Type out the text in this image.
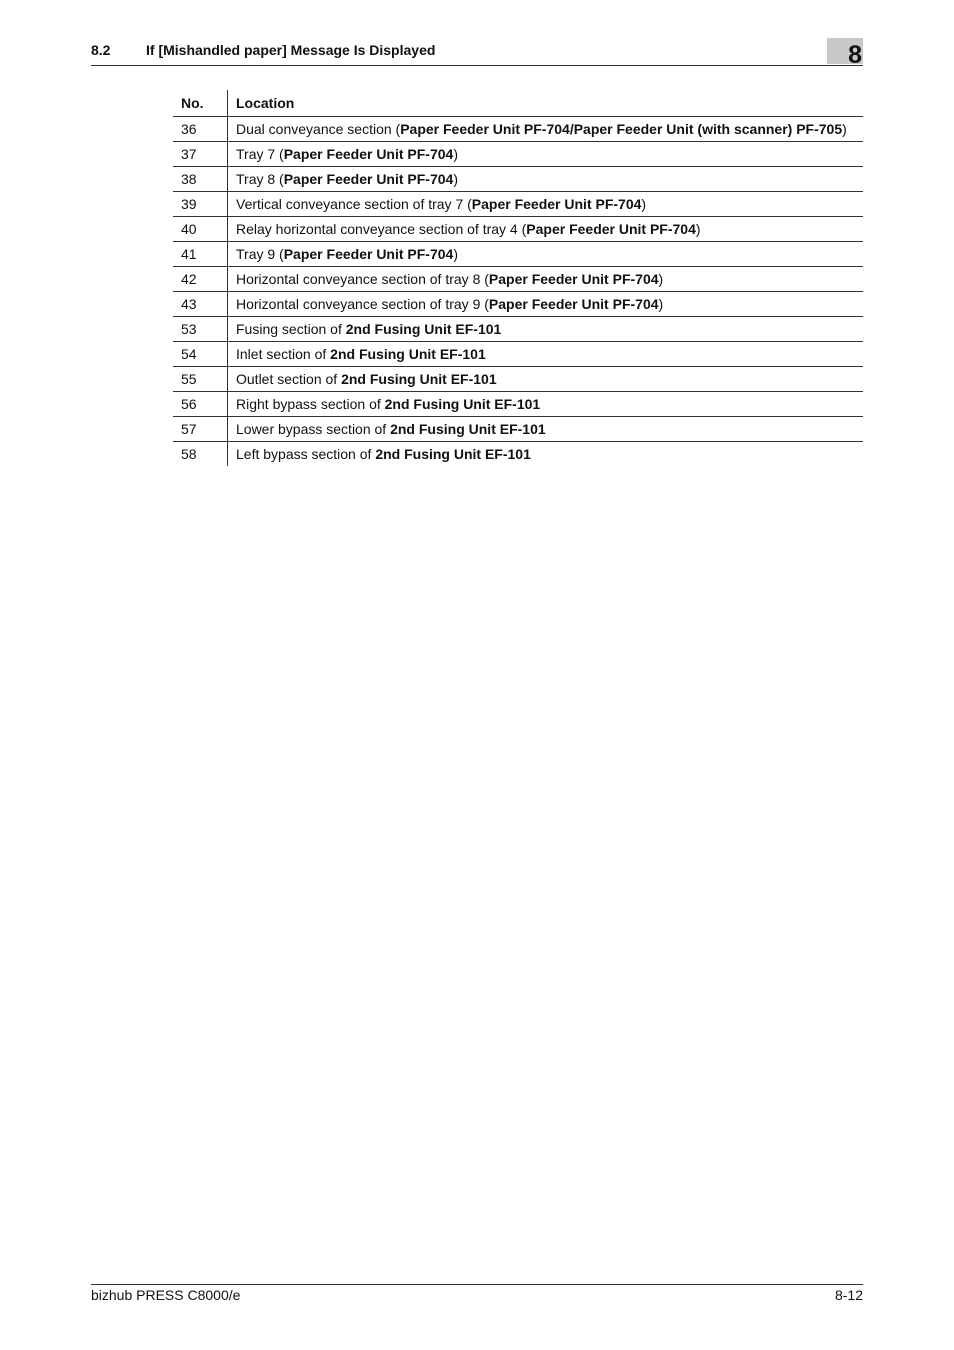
8.2	If [Mishandled paper] Message Is Displayed	8
No.	Location
36	Dual conveyance section (Paper Feeder Unit PF-704/Paper Feeder Unit (with scanner) PF-705)
37	Tray 7 (Paper Feeder Unit PF-704)
38	Tray 8 (Paper Feeder Unit PF-704)
39	Vertical conveyance section of tray 7 (Paper Feeder Unit PF-704)
40	Relay horizontal conveyance section of tray 4 (Paper Feeder Unit PF-704)
41	Tray 9 (Paper Feeder Unit PF-704)
42	Horizontal conveyance section of tray 8 (Paper Feeder Unit PF-704)
43	Horizontal conveyance section of tray 9 (Paper Feeder Unit PF-704)
53	Fusing section of 2nd Fusing Unit EF-101
54	Inlet section of 2nd Fusing Unit EF-101
55	Outlet section of 2nd Fusing Unit EF-101
56	Right bypass section of 2nd Fusing Unit EF-101
57	Lower bypass section of 2nd Fusing Unit EF-101
58	Left bypass section of 2nd Fusing Unit EF-101
bizhub PRESS C8000/e	8-12
